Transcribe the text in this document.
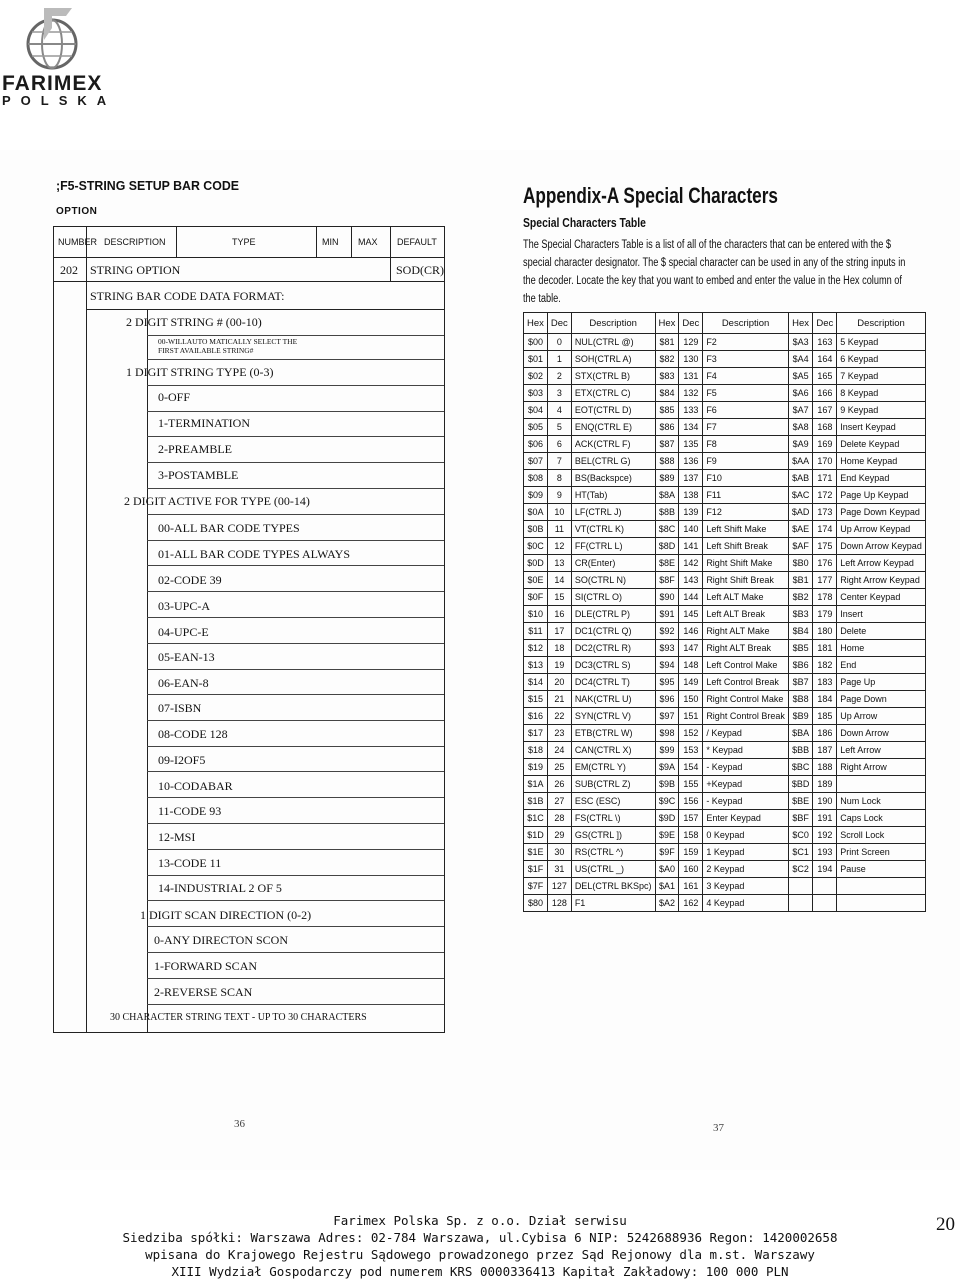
FARIMEX
POLSKA
;F5-STRING SETUP BAR CODE
OPTION
NUMBER DESCRIPTION	TYPE	MIN MAX DEFAULT
202 STRING OPTION	SOD(CR)
STRING BAR CODE DATA FORMAT:
2 DIGIT STRING # (00-10)
00-WILLAUTO MATICALLY SELECT THE FIRST AVAILABLE STRING#
1 DIGIT STRING TYPE (0-3)
0-OFF
1-TERMINATION
2-PREAMBLE
3-POSTAMBLE
2 DIGIT ACTIVE FOR TYPE (00-14)
00-ALL BAR CODE TYPES
01-ALL BAR CODE TYPES ALWAYS
02-CODE 39
03-UPC-A
04-UPC-E
05-EAN-13
06-EAN-8
07-ISBN
08-CODE 128
09-I2OF5
10-CODABAR
11-CODE 93
12-MSI
13-CODE 11
14-INDUSTRIAL 2 OF 5
1 DIGIT SCAN DIRECTION (0-2)
0-ANY DIRECTON SCON
1-FORWARD SCAN
2-REVERSE SCAN
30 CHARACTER STRING TEXT - UP TO 30 CHARACTERS
Appendix-A Special Characters
Special Characters Table
The Special Characters Table is a list of all of the characters that can be entered with the $ special character designator. The $ special character can be used in any of the string inputs in the decoder. Locate the key that you want to embed and enter the value in the Hex column of the table.
Hex	Dec	Description	Hex	Dec	Description	Hex	Dec	Description
$00	0	NUL(CTRL @)	$81	129	F2	$A3	163	5 Keypad
$01	1	SOH(CTRL A)	$82	130	F3	$A4	164	6 Keypad
$02	2	STX(CTRL B)	$83	131	F4	$A5	165	7 Keypad
$03	3	ETX(CTRL C)	$84	132	F5	$A6	166	8 Keypad
$04	4	EOT(CTRL D)	$85	133	F6	$A7	167	9 Keypad
$05	5	ENQ(CTRL E)	$86	134	F7	$A8	168	Insert Keypad
$06	6	ACK(CTRL F)	$87	135	F8	$A9	169	Delete Keypad
$07	7	BEL(CTRL G)	$88	136	F9	$AA	170	Home Keypad
$08	8	BS(Backspce)	$89	137	F10	$AB	171	End Keypad
$09	9	HT(Tab)	$8A	138	F11	$AC	172	Page Up Keypad
$0A	10	LF(CTRL J)	$8B	139	F12	$AD	173	Page Down Keypad
$0B	11	VT(CTRL K)	$8C	140	Left Shift Make	$AE	174	Up Arrow Keypad
$0C	12	FF(CTRL L)	$8D	141	Left Shift Break	$AF	175	Down Arrow Keypad
$0D	13	CR(Enter)	$8E	142	Right Shift Make	$B0	176	Left Arrow Keypad
$0E	14	SO(CTRL N)	$8F	143	Right Shift Break	$B1	177	Right Arrow Keypad
$0F	15	SI(CTRL O)	$90	144	Left ALT Make	$B2	178	Center Keypad
$10	16	DLE(CTRL P)	$91	145	Left ALT Break	$B3	179	Insert
$11	17	DC1(CTRL Q)	$92	146	Right ALT Make	$B4	180	Delete
$12	18	DC2(CTRL R)	$93	147	Right ALT Break	$B5	181	Home
$13	19	DC3(CTRL S)	$94	148	Left Control Make	$B6	182	End
$14	20	DC4(CTRL T)	$95	149	Left Control Break	$B7	183	Page Up
$15	21	NAK(CTRL U)	$96	150	Right Control Make	$B8	184	Page Down
$16	22	SYN(CTRL V)	$97	151	Right Control Break	$B9	185	Up Arrow
$17	23	ETB(CTRL W)	$98	152	/ Keypad	$BA	186	Down Arrow
$18	24	CAN(CTRL X)	$99	153	* Keypad	$BB	187	Left Arrow
$19	25	EM(CTRL Y)	$9A	154	- Keypad	$BC	188	Right Arrow
$1A	26	SUB(CTRL Z)	$9B	155	+Keypad	$BD	189	
$1B	27	ESC (ESC)	$9C	156	- Keypad	$BE	190	Num Lock
$1C	28	FS(CTRL \)	$9D	157	Enter Keypad	$BF	191	Caps Lock
$1D	29	GS(CTRL ])	$9E	158	0 Keypad	$C0	192	Scroll Lock
$1E	30	RS(CTRL ^)	$9F	159	1 Keypad	$C1	193	Print Screen
$1F	31	US(CTRL _)	$A0	160	2 Keypad	$C2	194	Pause
$7F	127	DEL(CTRL BKSpc)	$A1	161	3 Keypad			
$80	128	F1	$A2	162	4 Keypad			
36	37
Farimex Polska Sp. z o.o. Dział serwisu
Siedziba spółki: Warszawa Adres: 02-784 Warszawa, ul.Cybisa 6 NIP: 5242688936 Regon: 1420002658
wpisana do Krajowego Rejestru Sądowego prowadzonego przez Sąd Rejonowy dla m.st. Warszawy
XIII Wydział Gospodarczy pod numerem KRS 0000336413 Kapitał Zakładowy: 100 000 PLN
20
